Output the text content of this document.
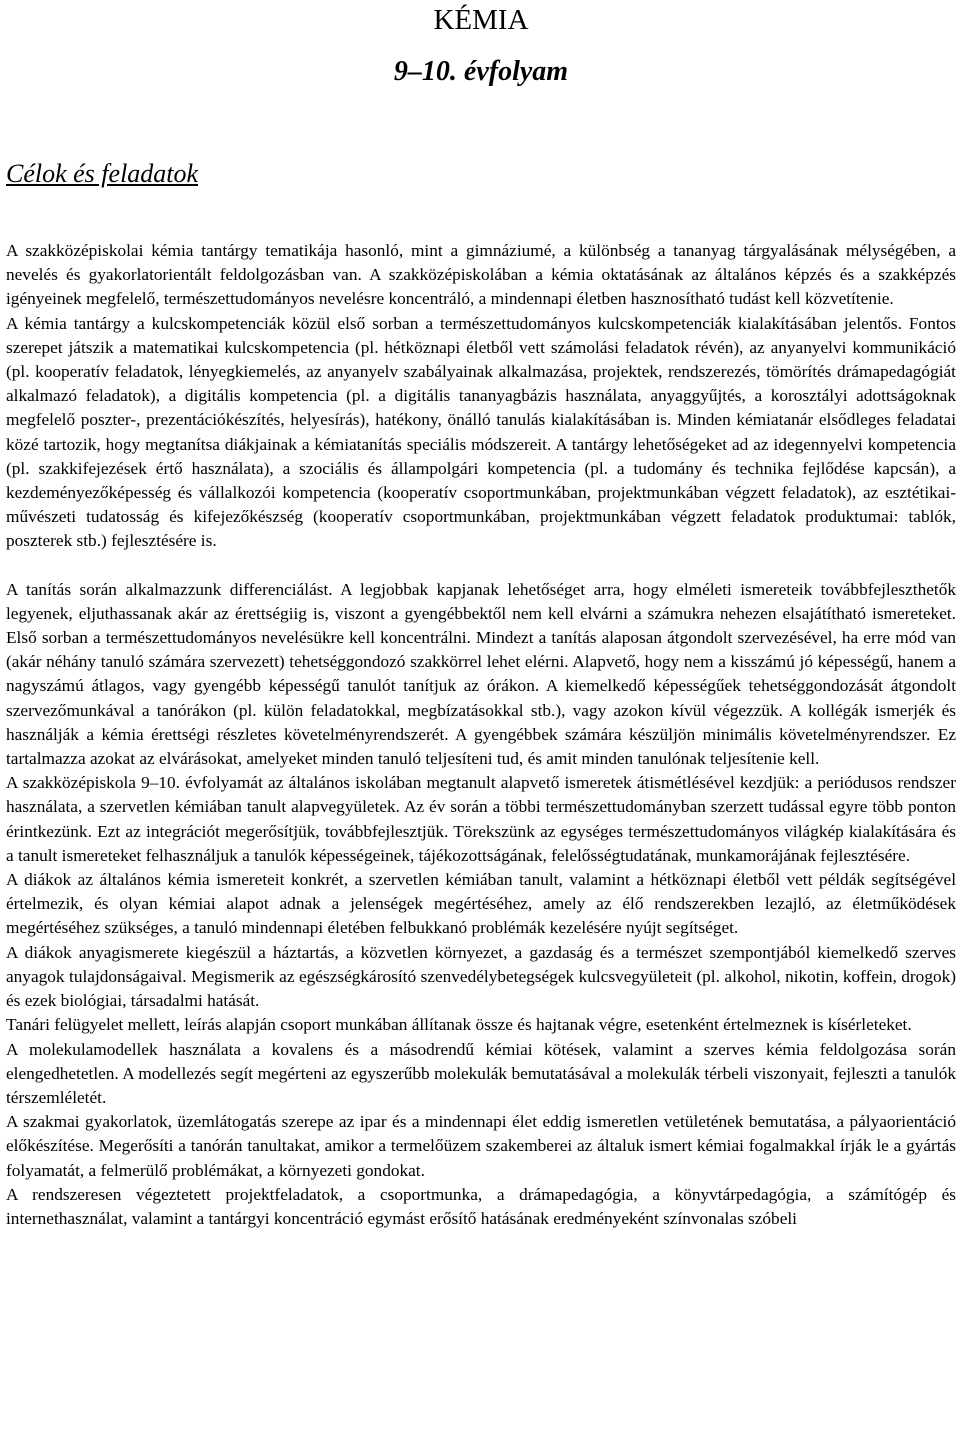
KÉMIA
9–10. évfolyam
Célok és feladatok

A szakközépiskolai kémia tantárgy tematikája hasonló, mint a gimnáziumé, a különbség a tananyag tárgyalásának mélységében, a nevelés és gyakorlatorientált feldolgozásban van. A szakközépiskolában a kémia oktatásának az általános képzés és a szakképzés igényeinek megfelelő, természettudományos nevelésre koncentráló, a mindennapi életben hasznosítható tudást kell közvetítenie.

A kémia tantárgy a kulcskompetenciák közül első sorban a természettudományos kulcskompetenciák kialakításában jelentős. Fontos szerepet játszik a matematikai kulcskompetencia (pl. hétköznapi életből vett számolási feladatok révén), az anyanyelvi kommunikáció (pl. kooperatív feladatok, lényegkiemelés, az anyanyelv szabályainak alkalmazása, projektek, rendszerezés, tömörítés drámapedagógiát alkalmazó feladatok), a digitális kompetencia (pl. a digitális tananyagbázis használata, anyaggyűjtés, a korosztályi adottságoknak megfelelő poszter-, prezentációkészítés, helyesírás), hatékony, önálló tanulás kialakításában is. Minden kémiatanár elsődleges feladatai közé tartozik, hogy megtanítsa diákjainak a kémiatanítás speciális módszereit. A tantárgy lehetőségeket ad az idegennyelvi kompetencia (pl. szakkifejezések értő használata), a szociális és állampolgári kompetencia (pl. a tudomány és technika fejlődése kapcsán), a kezdeményezőképesség és vállalkozói kompetencia (kooperatív csoportmunkában, projektmunkában végzett feladatok), az esztétikai-művészeti tudatosság és kifejezőkészség (kooperatív csoportmunkában, projektmunkában végzett feladatok produktumai: tablók, poszterek stb.) fejlesztésére is.

A tanítás során alkalmazzunk differenciálást. A legjobbak kapjanak lehetőséget arra, hogy elméleti ismereteik továbbfejleszthetők legyenek, eljuthassanak akár az érettségiig is, viszont a gyengébbektől nem kell elvárni a számukra nehezen elsajátítható ismereteket. Első sorban a természettudományos nevelésükre kell koncentrálni. Mindezt a tanítás alaposan átgondolt szervezésével, ha erre mód van (akár néhány tanuló számára szervezett) tehetséggondozó szakkörrel lehet elérni. Alapvető, hogy nem a kisszámú jó képességű, hanem a nagyszámú átlagos, vagy gyengébb képességű tanulót tanítjuk az órákon. A kiemelkedő képességűek tehetséggondozását átgondolt szervezőmunkával a tanórákon (pl. külön feladatokkal, megbízatásokkal stb.), vagy azokon kívül végezzük. A kollégák ismerjék és használják a kémia érettségi részletes követelményrendszerét. A gyengébbek számára készüljön minimális követelményrendszer. Ez tartalmazza azokat az elvárásokat, amelyeket minden tanuló teljesíteni tud, és amit minden tanulónak teljesítenie kell.

A szakközépiskola 9–10. évfolyamát az általános iskolában megtanult alapvető ismeretek átismétlésével kezdjük: a periódusos rendszer használata, a szervetlen kémiában tanult alapvegyületek. Az év során a többi természettudományban szerzett tudással egyre több ponton érintkezünk. Ezt az integrációt megerősítjük, továbbfejlesztjük. Törekszünk az egységes természettudományos világkép kialakítására és a tanult ismereteket felhasználjuk a tanulók képességeinek, tájékozottságának, felelősségtudatának, munkamorájának fejlesztésére.

A diákok az általános kémia ismereteit konkrét, a szervetlen kémiában tanult, valamint a hétköznapi életből vett példák segítségével értelmezik, és olyan kémiai alapot adnak a jelenségek megértéséhez, amely az élő rendszerekben lezajló, az életműködések megértéséhez szükséges, a tanuló mindennapi életében felbukkanó problémák kezelésére nyújt segítséget.

A diákok anyagismerete kiegészül a háztartás, a közvetlen környezet, a gazdaság és a természet szempontjából kiemelkedő szerves anyagok tulajdonságaival. Megismerik az egészségkárosító szenvedélybetegségek kulcsvegyületeit (pl. alkohol, nikotin, koffein, drogok) és ezek biológiai, társadalmi hatását.

Tanári felügyelet mellett, leírás alapján csoport munkában állítanak össze és hajtanak végre, esetenként értelmeznek is kísérleteket.

A molekulamodellek használata a kovalens és a másodrendű kémiai kötések, valamint a szerves kémia feldolgozása során elengedhetetlen. A modellezés segít megérteni az egyszerűbb molekulák bemutatásával a molekulák térbeli viszonyait, fejleszti a tanulók térszemléletét.

A szakmai gyakorlatok, üzemlátogatás szerepe az ipar és a mindennapi élet eddig ismeretlen vetületének bemutatása, a pályaorientáció előkészítése. Megerősíti a tanórán tanultakat, amikor a termelőüzem szakemberei az általuk ismert kémiai fogalmakkal írják le a gyártás folyamatát, a felmerülő problémákat, a környezeti gondokat.

A rendszeresen végeztetett projektfeladatok, a csoportmunka, a drámapedagógia, a könyvtárpedagógia, a számítógép és internethasználat, valamint a tantárgyi koncentráció egymást erősítő hatásának eredményeként színvonalas szóbeli
